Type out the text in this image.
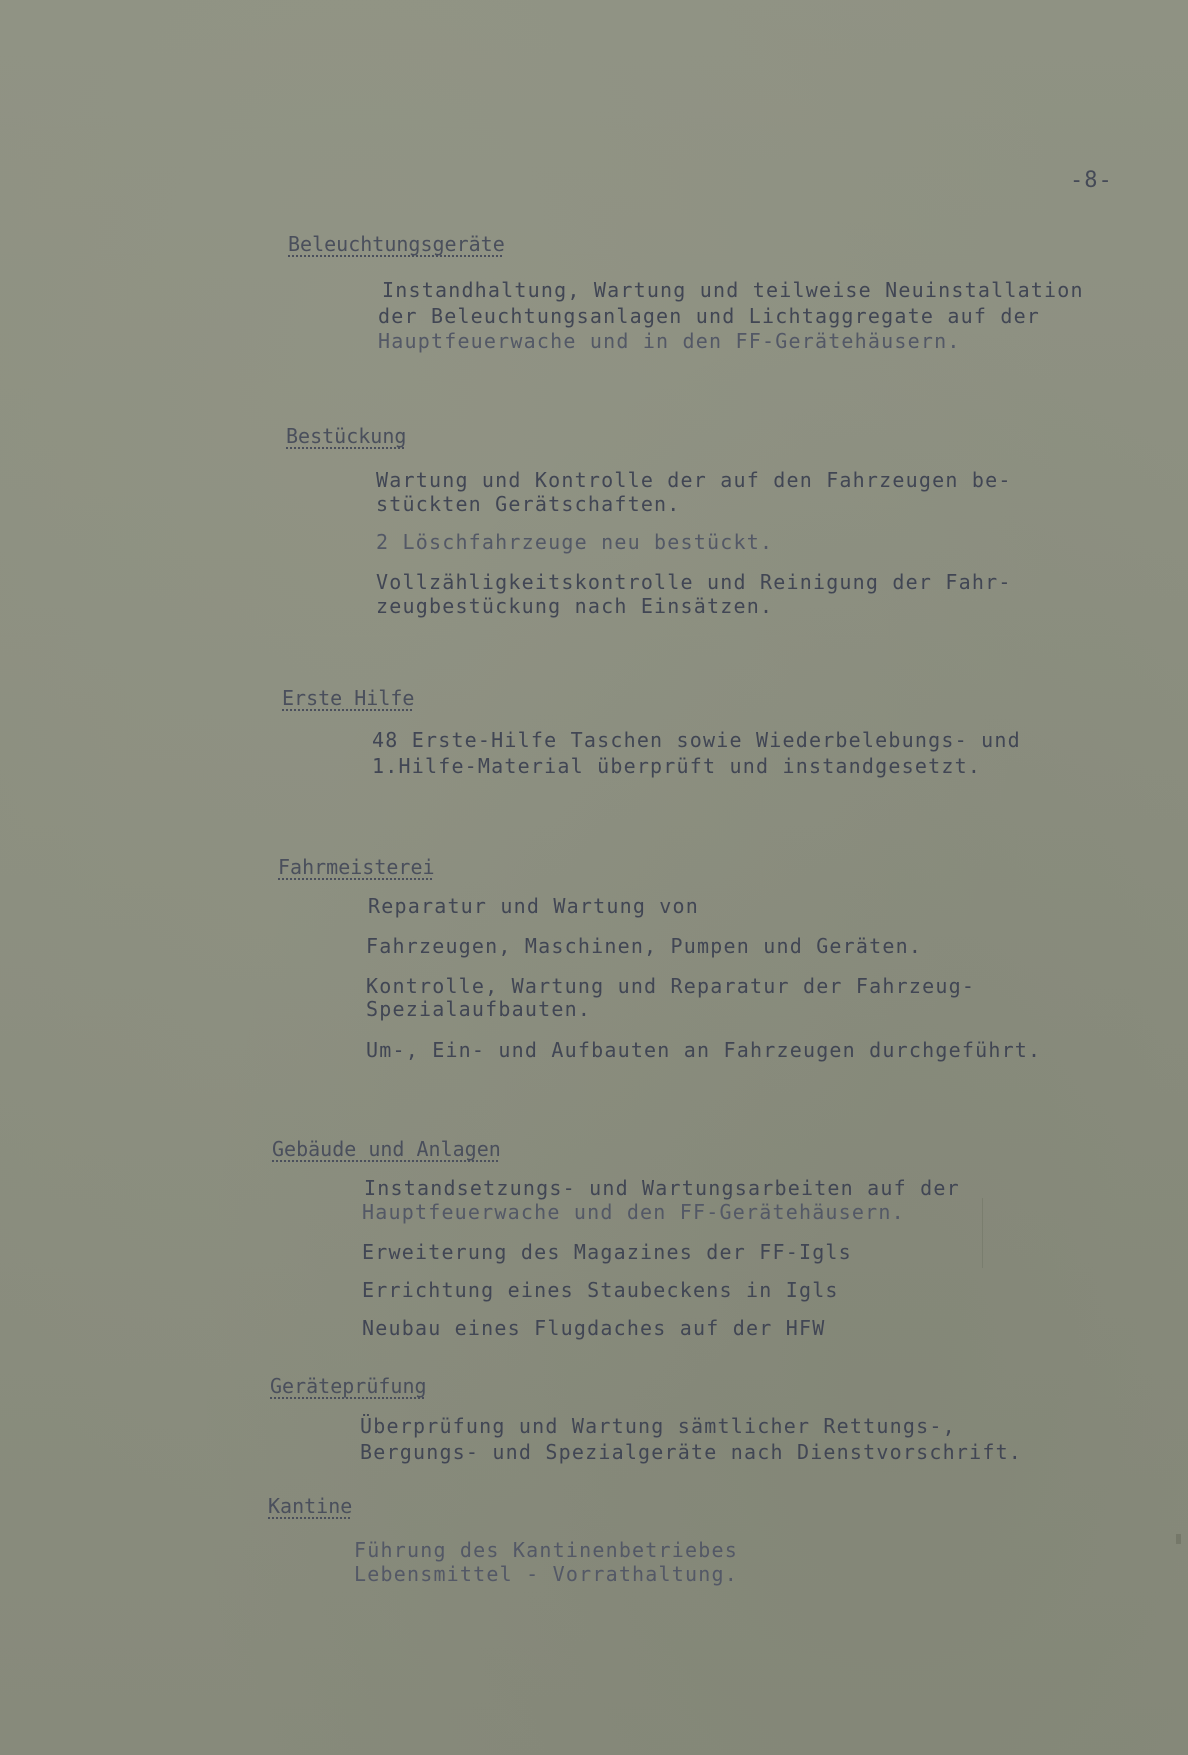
-8-
Beleuchtungsgeräte
Instandhaltung, Wartung und teilweise Neuinstallation
der Beleuchtungsanlagen und Lichtaggregate auf der
Hauptfeuerwache und in den FF-Gerätehäusern.
Bestückung
Wartung und Kontrolle der auf den Fahrzeugen be-
stückten Gerätschaften.
2 Löschfahrzeuge neu bestückt.
Vollzähligkeitskontrolle und Reinigung der Fahr-
zeugbestückung nach Einsätzen.
Erste Hilfe
48 Erste-Hilfe Taschen sowie Wiederbelebungs- und
1.Hilfe-Material überprüft und instandgesetzt.
Fahrmeisterei
Reparatur und Wartung von
Fahrzeugen, Maschinen, Pumpen und Geräten.
Kontrolle, Wartung und Reparatur der Fahrzeug-
Spezialaufbauten.
Um-, Ein- und Aufbauten an Fahrzeugen durchgeführt.
Gebäude und Anlagen
Instandsetzungs- und Wartungsarbeiten auf der
Hauptfeuerwache und den FF-Gerätehäusern.
Erweiterung des Magazines der FF-Igls
Errichtung eines Staubeckens in Igls
Neubau eines Flugdaches auf der HFW
Geräteprüfung
Überprüfung und Wartung sämtlicher Rettungs-,
Bergungs- und Spezialgeräte nach Dienstvorschrift.
Kantine
Führung des Kantinenbetriebes
Lebensmittel - Vorrathaltung.
